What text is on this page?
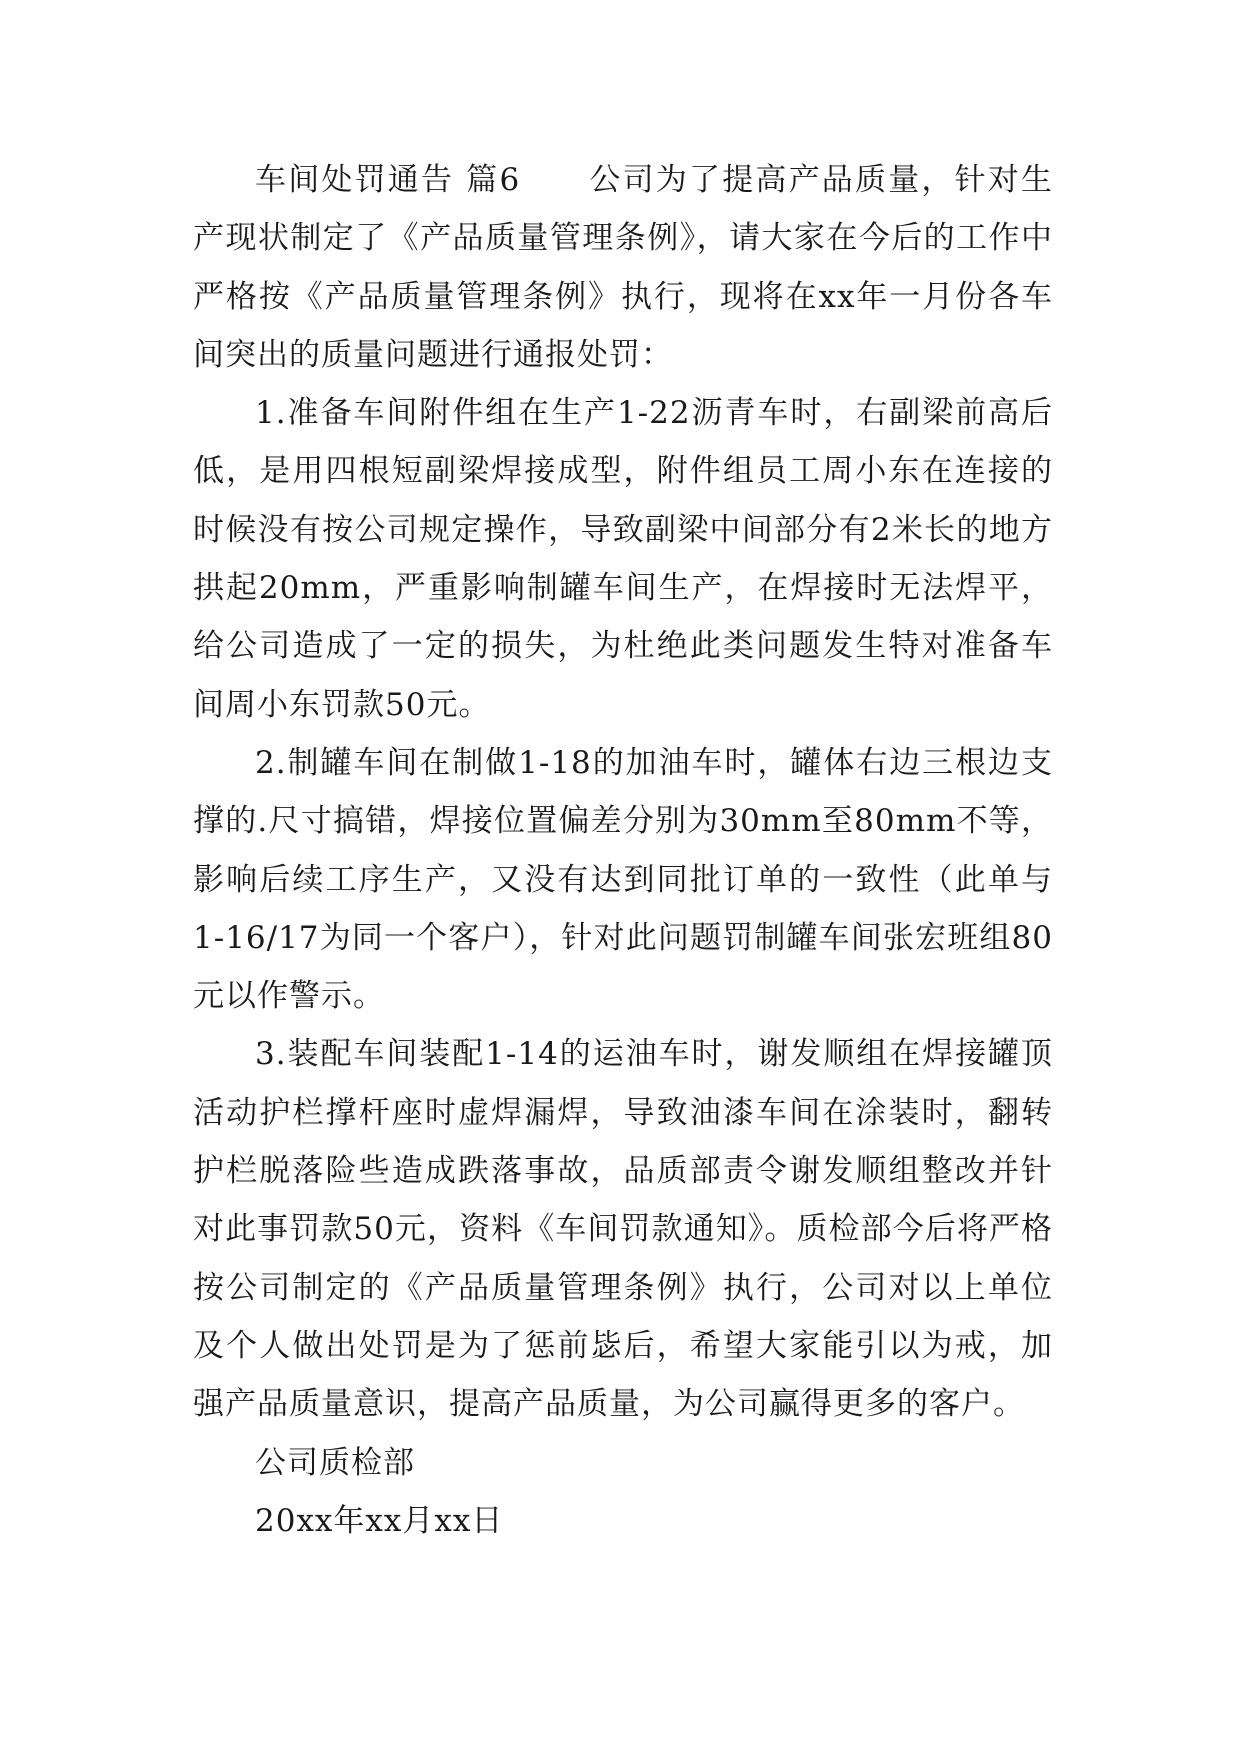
车间处罚通告 篇6 公司为了提高产品质量，针对生产现状制定了《产品质量管理条例》，请大家在今后的工作中严格按《产品质量管理条例》执行，现将在xx年一月份各车间突出的质量问题进行通报处罚：

1.准备车间附件组在生产1-22沥青车时，右副梁前高后低，是用四根短副梁焊接成型，附件组员工周小东在连接的时候没有按公司规定操作，导致副梁中间部分有2米长的地方拱起20mm，严重影响制罐车间生产，在焊接时无法焊平，给公司造成了一定的损失，为杜绝此类问题发生特对准备车间周小东罚款50元。

2.制罐车间在制做1-18的加油车时，罐体右边三根边支撑的.尺寸搞错，焊接位置偏差分别为30mm至80mm不等，影响后续工序生产，又没有达到同批订单的一致性（此单与1-16/17为同一个客户），针对此问题罚制罐车间张宏班组80元以作警示。

3.装配车间装配1-14的运油车时，谢发顺组在焊接罐顶活动护栏撑杆座时虚焊漏焊，导致油漆车间在涂装时，翻转护栏脱落险些造成跌落事故，品质部责令谢发顺组整改并针对此事罚款50元，资料《车间罚款通知》。质检部今后将严格按公司制定的《产品质量管理条例》执行，公司对以上单位及个人做出处罚是为了惩前毖后，希望大家能引以为戒，加强产品质量意识，提高产品质量，为公司赢得更多的客户。

公司质检部

20xx年xx月xx日
